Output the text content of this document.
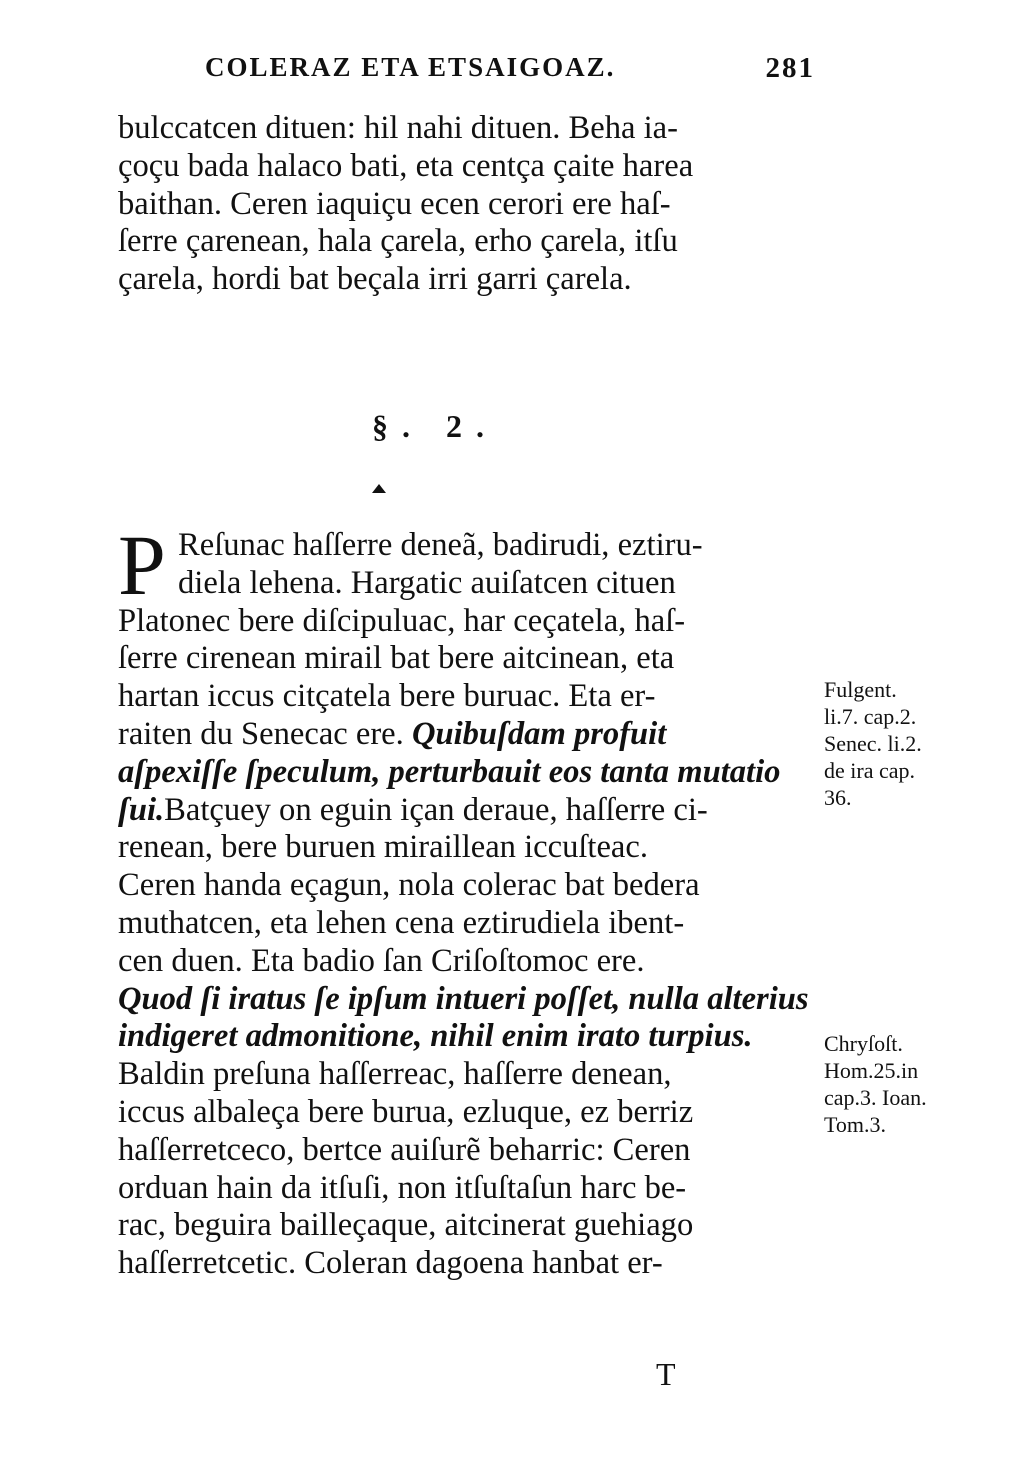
COLERAZ ETA ETSAIGOAZ.	281
bulccatcen dituen: hil nahi dituen. Beha ia-
çoçu bada halaco bati, eta centça çaite harea
baithan. Ceren iaquiçu ecen cerori ere haſ-
ſerre çarenean, hala çarela, erho çarela, itſu
çarela, hordi bat beçala irri garri çarela.
§. 2.
P Reſunac haſſerre deneã, badirudi, eztiru-
diela lehena. Hargatic auiſatcen cituen
Platonec bere diſcipuluac, har ceçatela, haſ-
ſerre cirenean mirail bat bere aitcinean, eta
hartan iccus citçatela bere buruac. Eta er-
raiten du Senecac ere. Quibuſdam profuit
aſpexiſſe ſpeculum, perturbauit eos tanta mutatio
ſui.Batçuey on eguin içan deraue, haſſerre ci-
renean, bere buruen miraillean iccuſteac.
Ceren handa eçagun, nola colerac bat bedera
muthatcen, eta lehen cena eztirudiela ibent-
cen duen. Eta badio ſan Criſoſtomoc ere.
Quod ſi iratus ſe ipſum intueri poſſet, nulla alterius
indigeret admonitione, nihil enim irato turpius.
Baldin preſuna haſſerreac, haſſerre denean,
iccus albaleça bere burua, ezluque, ez berriz
haſſerretceco, bertce auiſurẽ beharric: Ceren
orduan hain da itſuſi, non itſuſtaſun harc be-
rac, beguira bailleçaque, aitcinerat guehiago
haſſerretcetic. Coleran dagoena hanbat er-
Fulgent.
li.7. cap.2.
Senec. li.2.
de ira cap.
36.
Chryſoſt.
Hom.25.in
cap.3. Ioan.
Tom.3.
T
